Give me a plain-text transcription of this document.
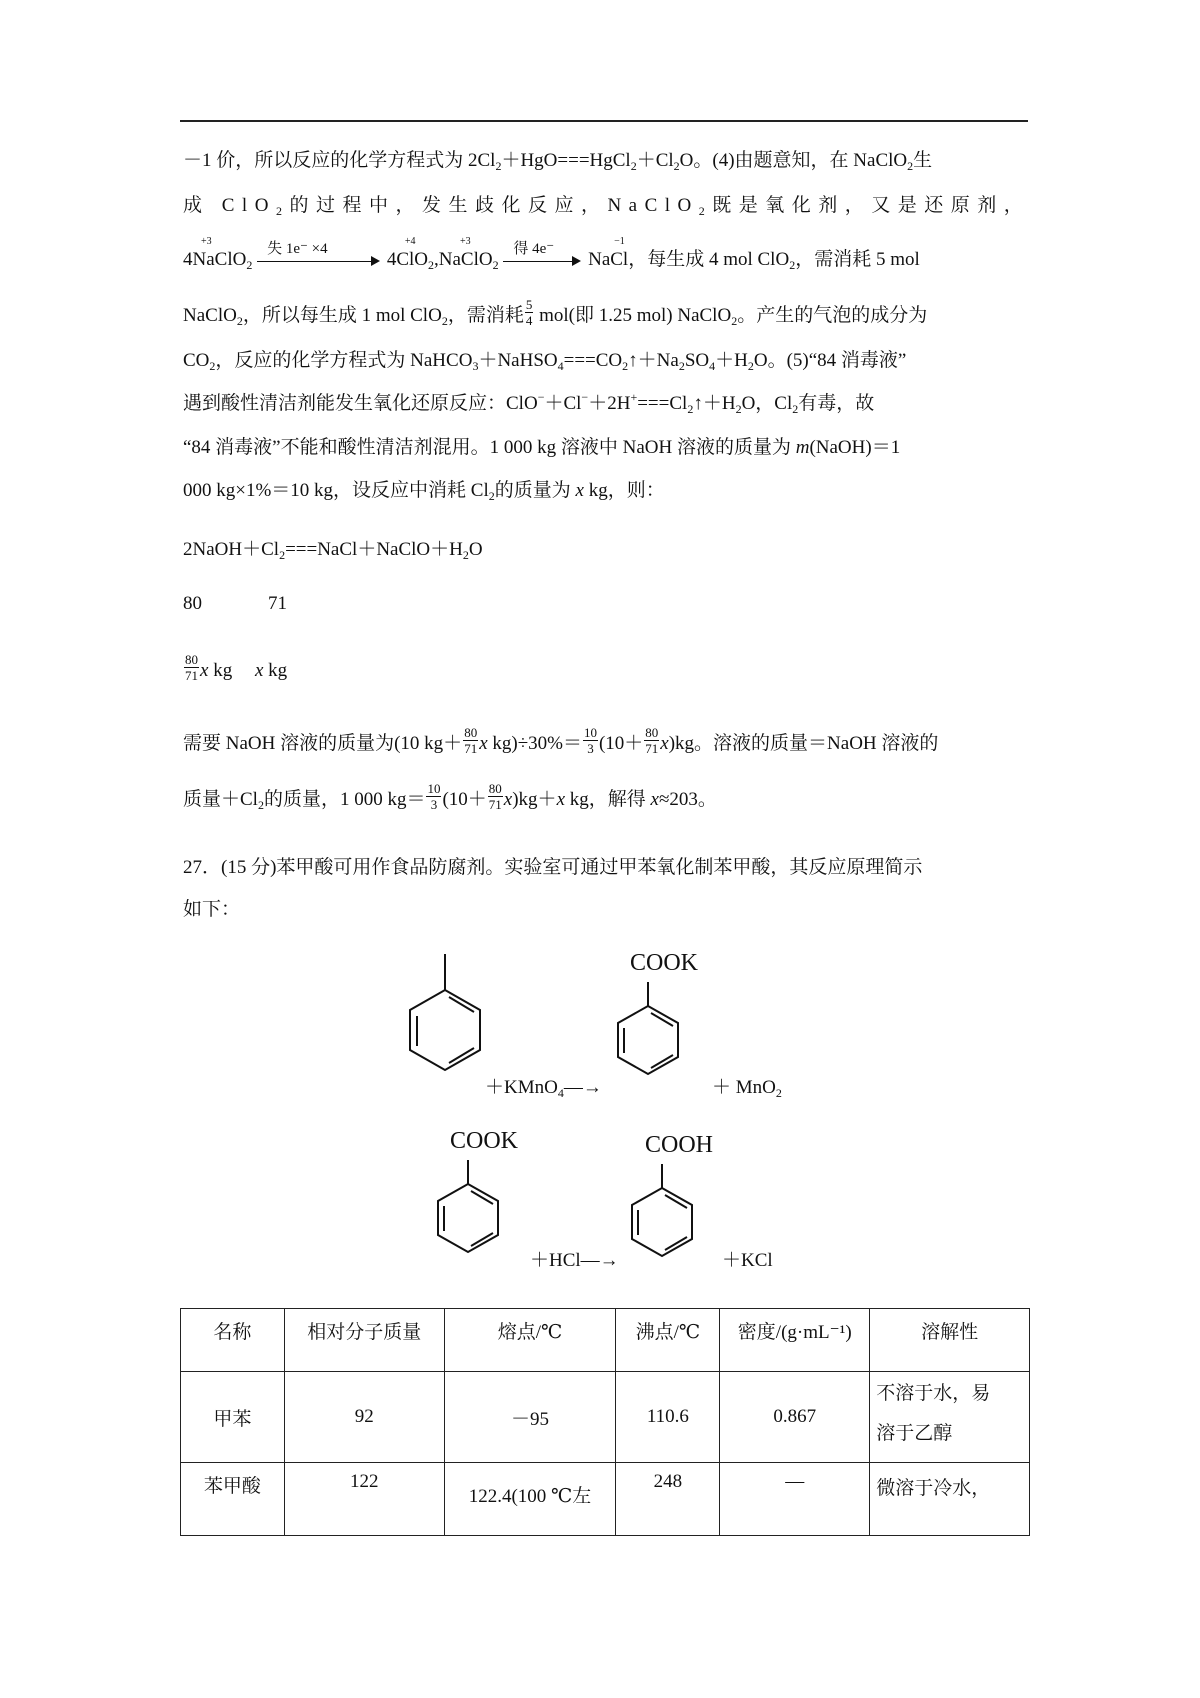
－1 价，所以反应的化学方程式为 $2Cl_2+HgO===HgCl_2+Cl_2O$。(4)由题意知，在 NaClO$_2$生
成 ClO$_2$的过程中，发生歧化反应，NaClO$_2$既是氧化剂，又是还原剂，
+3
4NaClO$_2$
失 1e⁻ ×4
	+4
4ClO$_2$
+3
,NaClO$_2$
得 4e⁻
	−1
NaCl，每生成 4 mol ClO$_2$，需消耗 5 mol
NaClO$_2$，所以每生成 1 mol ClO$_2$，需消耗 $\frac{5}{4} mol$(即 1.25 mol) NaClO$_2$。产生的气泡的成分为
$CO_2$，反应的化学方程式为 $NaHCO_3+NaHSO_4===CO_2↑+Na_2SO_4+H_2O$。(5)“84 消毒液”
遇到酸性清洁剂能发生氧化还原反应：$ClO^-+Cl^-+2H^+===Cl_2↑+H_2O$，$Cl_2$有毒，故
“84 消毒液”不能和酸性清洁剂混用。1 000 kg 溶液中 NaOH 溶液的质量为 m(NaOH)＝1
000 kg×1%＝10 kg，设反应中消耗 $Cl_2$的质量为 x kg，则：
$2NaOH+Cl_2===NaCl+NaClO+H_2O$
80	71
$\frac{80}{71}$ x kg x kg
需要 NaOH 溶液的质量为(10 $kg+ \frac{80}{71}$ x $kg)\div 30\%= \frac{10}{3} (10+ \frac{80}{71} x)kg$。溶液的质量＝NaOH 溶液的
质量$+Cl_2$的质量，1 000 $kg= \frac{10}{3} (10+ \frac{80}{71} x)kg+x$ kg，解得 x≈203。
27．(15 分)苯甲酸可用作食品防腐剂。实验室可通过甲苯氧化制苯甲酸，其反应原理简示
如下：
＋KMnO$_4$—→
COOK
＋ MnO$_2$
COOK
＋HCl—→
COOH
＋KCl
名称	相对分子质量	熔点/℃	沸点/℃	密度/(g·mL⁻¹)	溶解性
甲苯	92	－95	110.6	0.867	不溶于水，易
溶于乙醇
苯甲酸	122	122.4(100 ℃左	248	—	微溶于冷水，
